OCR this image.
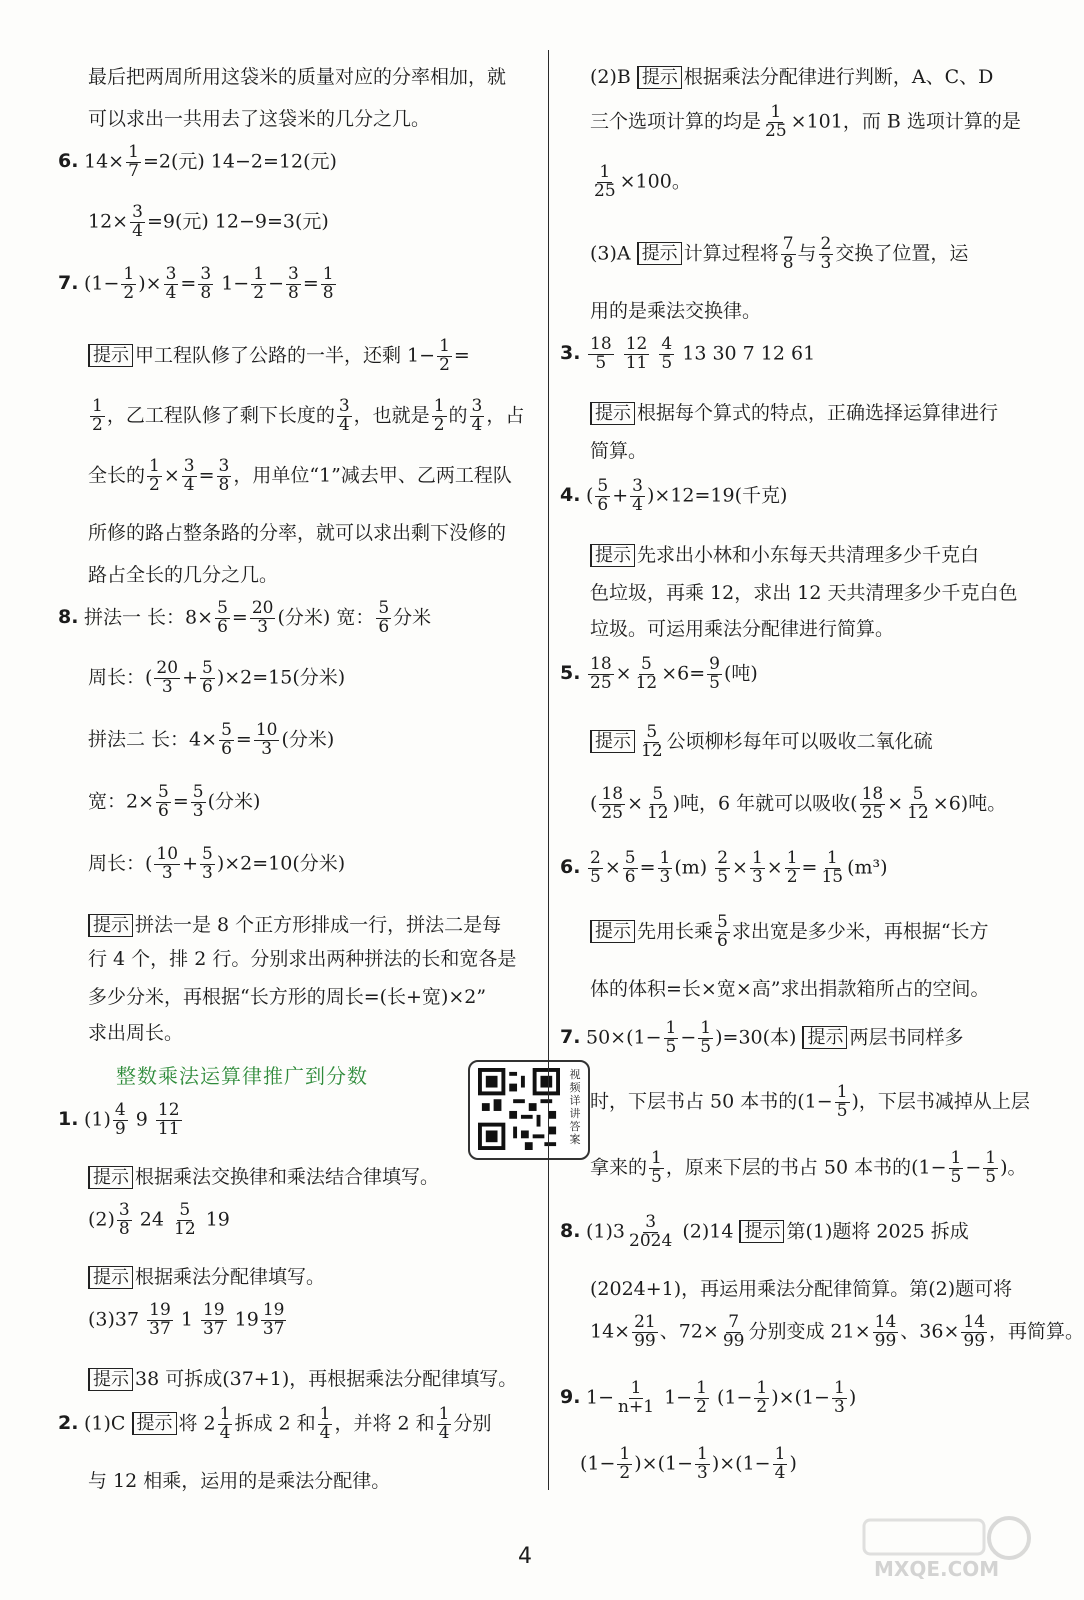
最后把两周所用这袋米的质量对应的分率相加，就
可以求出一共用去了这袋米的几分之几。
6. $14\times \frac{1}{7} =2$(元) 14−2=12(元)
$12\times \frac{3}{4} =9$(元) 12−9=3(元)
7. ($1- \frac{1}{2}$ )× $\frac{3}{4} = \frac{3}{8} 1- \frac{1}{2} - \frac{3}{8} = \frac{1}{8}$
提示 甲工程队修了公路的一半，还剩 $1- \frac{1}{2}$ =
$\frac{1}{2}$ ，乙工程队修了剩下长度的 $\frac{3}{4}$ ，也就是 $\frac{1}{2}$ 的 $\frac{3}{4}$ ，占
全长的 $\frac{1}{2} \times \frac{3}{4} = \frac{3}{8}$ ，用单位“1”减去甲、乙两工程队
所修的路占整条路的分率，就可以求出剩下没修的
路占全长的几分之几。
8. 拼法一 长：$8\times \frac{5}{6} = \frac{20}{3}$ (分米) 宽： $\frac{5}{6}$ 分米
周长：( $\frac{20}{3} + \frac{5}{6} )\times 2=15$(分米)
拼法二 长：$4\times \frac{5}{6} = \frac{10}{3}$ (分米)
宽：$2\times \frac{5}{6} = \frac{5}{3}$ (分米)
周长：( $\frac{10}{3} + \frac{5}{3} )\times 2=10$(分米)
提示 拼法一是 8 个正方形排成一行，拼法二是每
行 4 个，排 2 行。分别求出两种拼法的长和宽各是
多少分米，再根据“长方形的周长=(长+宽)×2”
求出周长。
整数乘法运算律推广到分数
1. $(1) \frac{4}{9} 9 \frac{12}{11}$
提示 根据乘法交换律和乘法结合律填写。
$(2) \frac{3}{8} 24 \frac{5}{12} 19$
提示 根据乘法分配律填写。
$(3)37 \frac{19}{37} 1 \frac{19}{37} 19 \frac{19}{37}$
提示 38 可拆成(37+1)，再根据乘法分配律填写。
2. (1)C 提示 将 $2 \frac{1}{4}$ 拆成 2 和 $\frac{1}{4}$ ，并将 2 和 $\frac{1}{4}$ 分别
与 12 相乘，运用的是乘法分配律。
视频详讲答案
(2)B 提示 根据乘法分配律进行判断，A、C、D
三个选项计算的均是 $\frac{1}{25} \times 101$，而 B 选项计算的是
$\frac{1}{25} \times 100$。
(3)A 提示 计算过程将 $\frac{7}{8}$ 与 $\frac{2}{3}$ 交换了位置，运
用的是乘法交换律。
3. $\frac{18}{5}$
$\frac{12}{11}$
$\frac{4}{5} 13$ 30 7 12 61
提示 根据每个算式的特点，正确选择运算律进行
简算。
4. ( $\frac{5}{6} + \frac{3}{4} )\times 12=19$(千克)
提示 先求出小林和小东每天共清理多少千克白
色垃圾，再乘 12，求出 12 天共清理多少千克白色
垃圾。可运用乘法分配律进行简算。
5. $\frac{18}{25} \times \frac{5}{12} \times 6= \frac{9}{5}$ (吨)
提示 $\frac{5}{12}$ 公顷柳杉每年可以吸收二氧化硫
( $\frac{18}{25} \times \frac{5}{12}$ )吨，6 年就可以吸收( $\frac{18}{25} \times \frac{5}{12} \times 6$)吨。
6. $\frac{2}{5} \times \frac{5}{6} = \frac{1}{3} (m) \frac{2}{5} \times \frac{1}{3} \times \frac{1}{2} = \frac{1}{15} (m^3)$
提示 先用长乘 $\frac{5}{6}$ 求出宽是多少米，再根据“长方
体的体积=长×宽×高”求出捐款箱所占的空间。
7. $50\times(1- \frac{1}{5} - \frac{1}{5} )=30$(本) 提示 两层书同样多
时，下层书占 50 本书的($1- \frac{1}{5}$ )，下层书减掉从上层
拿来的 $\frac{1}{5}$ ，原来下层的书占 50 本书的($1- \frac{1}{5} - \frac{1}{5}$ )。
8. $(1)3 \frac{3}{2024} (2)14$ 提示 第(1)题将 2025 拆成
(2024+1)，再运用乘法分配律简算。第(2)题可将
$14\times \frac{21}{99}$ 、$72\times \frac{7}{99}$ 分别变成 $21\times \frac{14}{99}$ 、$36\times \frac{14}{99}$ ，再简算。
9. $1- \frac{1}{n+1} 1- \frac{1}{2} (1- \frac{1}{2} )\times(1- \frac{1}{3}$ )
$(1- \frac{1}{2} )\times(1- \frac{1}{3} )\times(1- \frac{1}{4}$ )
4	MXQE.COM
